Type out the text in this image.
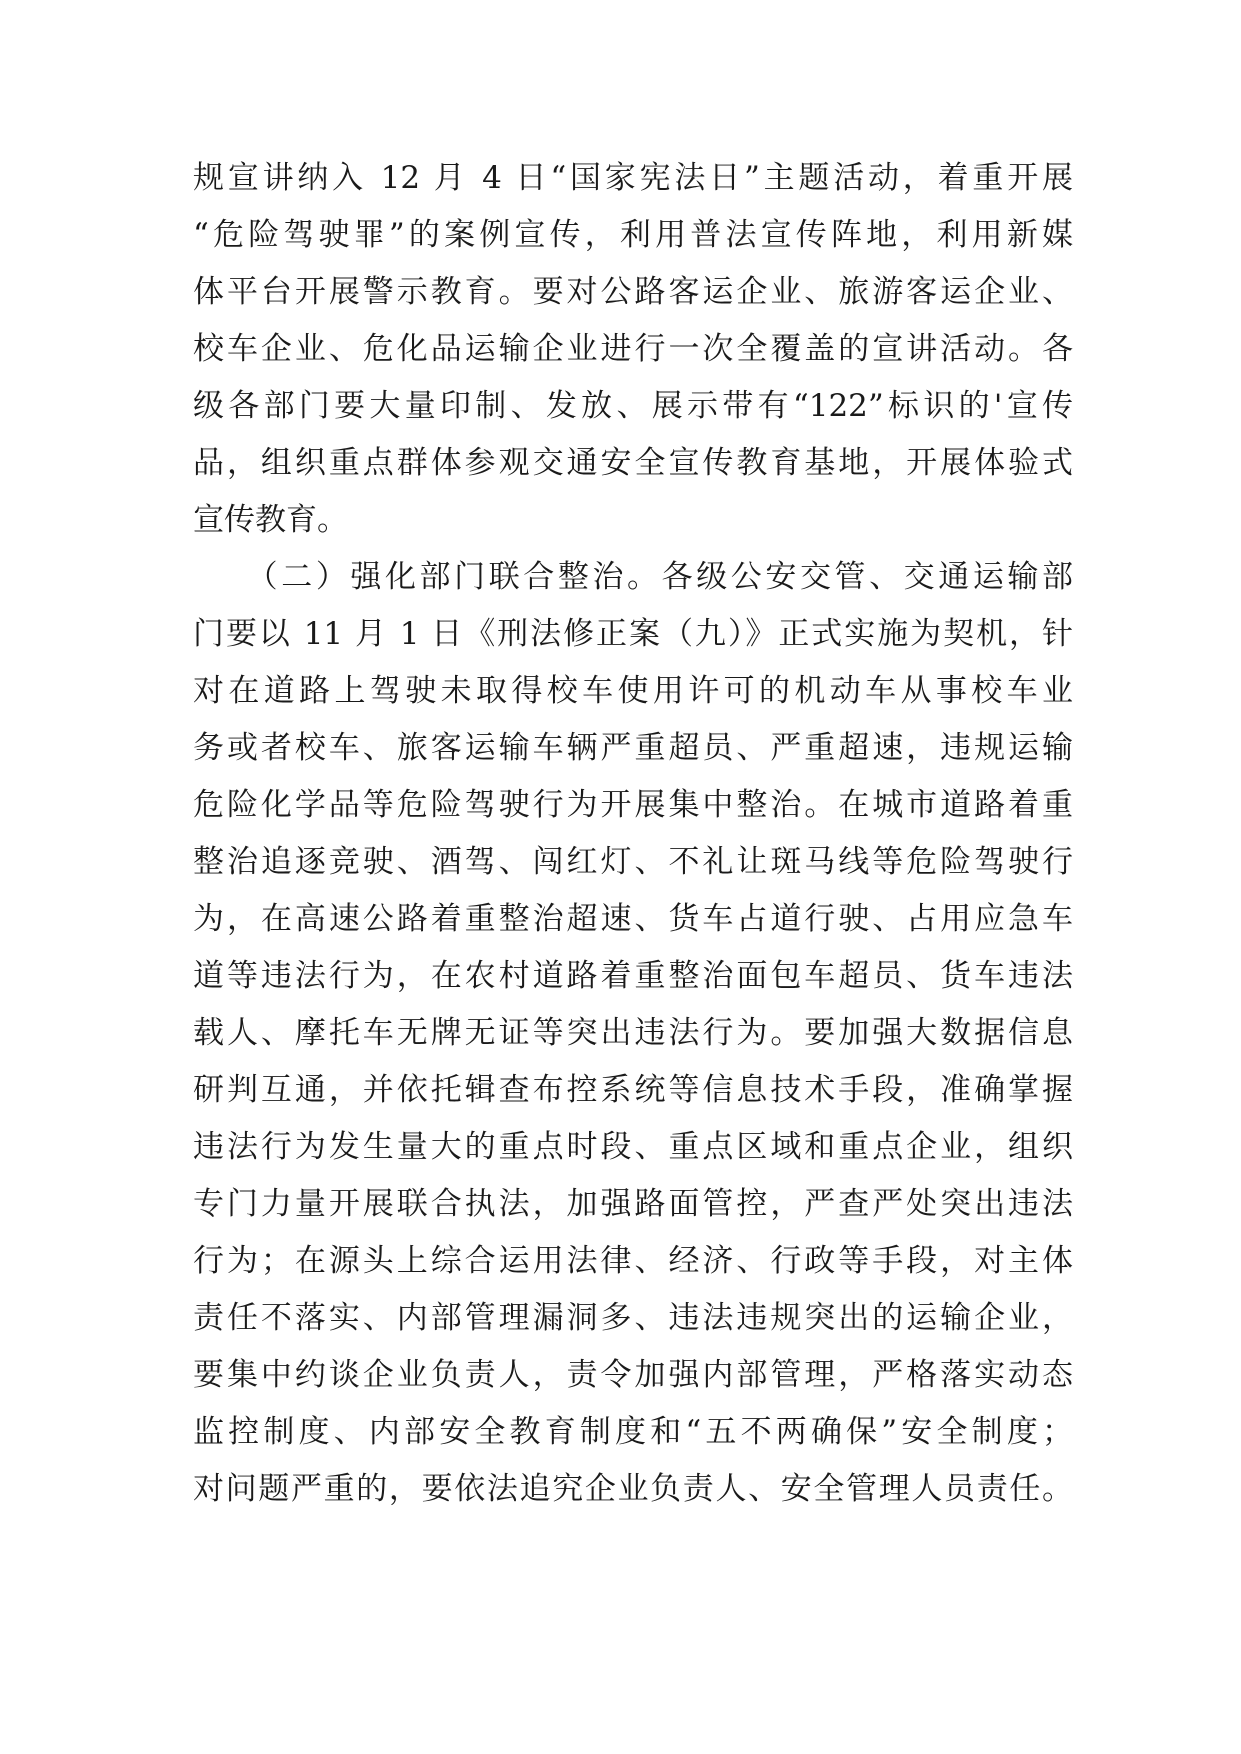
规宣讲纳入 12 月 4 日“国家宪法日”主题活动，着重开展
“危险驾驶罪”的案例宣传，利用普法宣传阵地，利用新媒
体平台开展警示教育。要对公路客运企业、旅游客运企业、
校车企业、危化品运输企业进行一次全覆盖的宣讲活动。各
级各部门要大量印制、发放、展示带有“122”标识的'宣传
品，组织重点群体参观交通安全宣传教育基地，开展体验式
宣传教育。
　　（二）强化部门联合整治。各级公安交管、交通运输部
门要以 11 月 1 日《刑法修正案（九）》正式实施为契机，针
对在道路上驾驶未取得校车使用许可的机动车从事校车业
务或者校车、旅客运输车辆严重超员、严重超速，违规运输
危险化学品等危险驾驶行为开展集中整治。在城市道路着重
整治追逐竞驶、酒驾、闯红灯、不礼让斑马线等危险驾驶行
为，在高速公路着重整治超速、货车占道行驶、占用应急车
道等违法行为，在农村道路着重整治面包车超员、货车违法
载人、摩托车无牌无证等突出违法行为。要加强大数据信息
研判互通，并依托辑查布控系统等信息技术手段，准确掌握
违法行为发生量大的重点时段、重点区域和重点企业，组织
专门力量开展联合执法，加强路面管控，严查严处突出违法
行为；在源头上综合运用法律、经济、行政等手段，对主体
责任不落实、内部管理漏洞多、违法违规突出的运输企业，
要集中约谈企业负责人，责令加强内部管理，严格落实动态
监控制度、内部安全教育制度和“五不两确保”安全制度；
对问题严重的，要依法追究企业负责人、安全管理人员责任。
